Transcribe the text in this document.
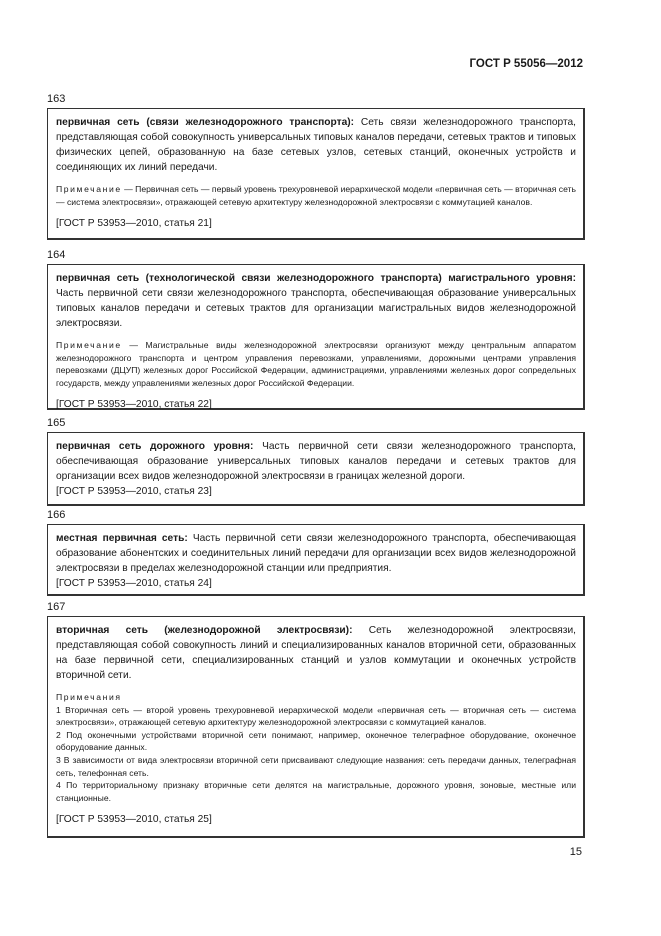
ГОСТ Р 55056—2012
163

первичная сеть (связи железнодорожного транспорта): Сеть связи железнодорожного транспорта, представляющая собой совокупность универсальных типовых каналов передачи, сетевых трактов и типовых физических цепей, образованную на базе сетевых узлов, сетевых станций, оконечных устройств и соединяющих их линий передачи.

Примечание — Первичная сеть — первый уровень трехуровневой иерархической модели «первичная сеть — вторичная сеть — система электросвязи», отражающей сетевую архитектуру железнодорожной электросвязи с коммутацией каналов.

[ГОСТ Р 53953—2010, статья 21]

164

первичная сеть (технологической связи железнодорожного транспорта) магистрального уровня: Часть первичной сети связи железнодорожного транспорта, обеспечивающая образование универсальных типовых каналов передачи и сетевых трактов для организации магистральных видов железнодорожной электросвязи.

Примечание — Магистральные виды железнодорожной электросвязи организуют между центральным аппаратом железнодорожного транспорта и центром управления перевозками, управлениями, дорожными центрами управления перевозками (ДЦУП) железных дорог Российской Федерации, администрациями, управлениями железных дорог сопредельных государств, между управлениями железных дорог Российской Федерации.

[ГОСТ Р 53953—2010, статья 22]

165

первичная сеть дорожного уровня: Часть первичной сети связи железнодорожного транспорта, обеспечивающая образование универсальных типовых каналов передачи и сетевых трактов для организации всех видов железнодорожной электросвязи в границах железной дороги.

[ГОСТ Р 53953—2010, статья 23]

166

местная первичная сеть: Часть первичной сети связи железнодорожного транспорта, обеспечивающая образование абонентских и соединительных линий передачи для организации всех видов железнодорожной электросвязи в пределах железнодорожной станции или предприятия.

[ГОСТ Р 53953—2010, статья 24]

167

вторичная сеть (железнодорожной электросвязи): Сеть железнодорожной электросвязи, представляющая собой совокупность линий и специализированных каналов вторичной сети, образованных на базе первичной сети, специализированных станций и узлов коммутации и оконечных устройств вторичной сети.

Примечания

1 Вторичная сеть — второй уровень трехуровневой иерархической модели «первичная сеть — вторичная сеть — система электросвязи», отражающей сетевую архитектуру железнодорожной электросвязи с коммутацией каналов.

2 Под оконечными устройствами вторичной сети понимают, например, оконечное телеграфное оборудование, оконечное оборудование данных.

3 В зависимости от вида электросвязи вторичной сети присваивают следующие названия: сеть передачи данных, телеграфная сеть, телефонная сеть.

4 По территориальному признаку вторичные сети делятся на магистральные, дорожного уровня, зоновые, местные или станционные.

[ГОСТ Р 53953—2010, статья 25]

15
